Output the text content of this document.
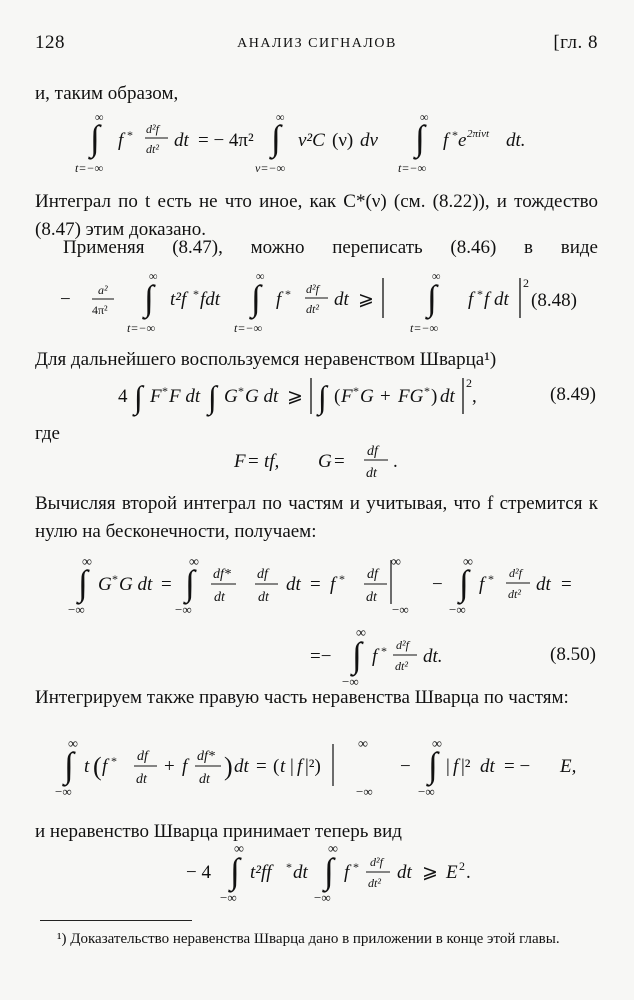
128	АНАЛИЗ СИГНАЛОВ	[гл. 8
и, таким образом,
Интеграл по t есть не что иное, как C*(ν) (см. (8.22)), и тождество (8.47) этим доказано.
Применяя (8.47), можно переписать (8.46) в виде
Для дальнейшего воспользуемся неравенством Шварца¹)
где
Вычисляя второй интеграл по частям и учитывая, что f стремится к нулю на бесконечности, получаем:
Интегрируем также правую часть неравенства Шварца по частям:
и неравенство Шварца принимает теперь вид
(8.48)
(8.49)
(8.50)
∞
∫
t=−∞
f * d²f
dt² dt = − 4π²
∞
∫
ν=−∞
ν²C (ν) dν
∞
∫
t=−∞
f * e 2πiνt dt.
− a²
4π²
∞
∫
t=−∞
t²f * fdt
∞
∫
t=−∞
f * d²f
dt² dt ⩾
∞
∫
t=−∞
f * f dt
2
4 ∫ F * F dt ∫ G * G dt ⩾ ∫ ( F * G + FG * ) dt
2
,
F = tf, G = df
dt
.
∞
∫
−∞
G * G dt =
∞
∫
−∞
df*
dt
df
dt
dt = f * df
dt
∞
−∞
−
∞
∫
−∞
f * d²f
dt² dt =
=−
∞
∫
−∞
f * d²f
dt² dt.
∞
∫
−∞
t ( f * df
dt
+ f df*
dt ) dt = ( t | f |²)
∞
−∞
−
∞
∫
−∞
| f |² dt = − E,
− 4
∞
∫
−∞
t²ff * dt
∞
∫
−∞
f * d²f
dt² dt ⩾ E 2 .
¹) Доказательство неравенства Шварца дано в приложении в конце этой главы.
